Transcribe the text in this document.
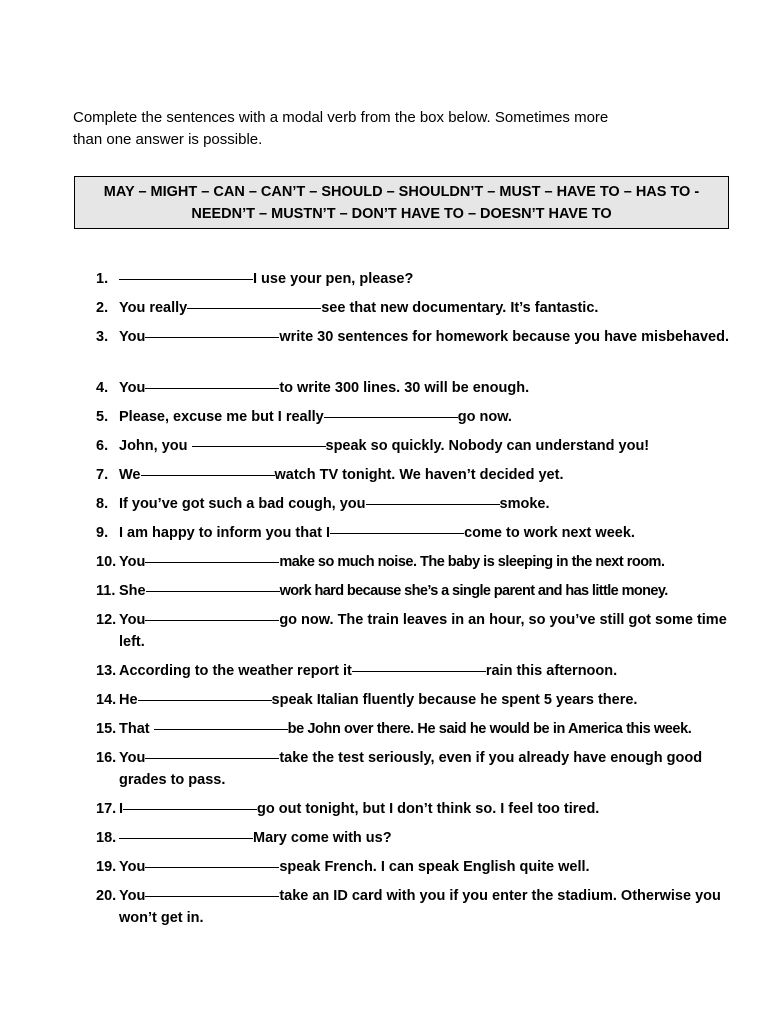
Complete the sentences with a modal verb from the box below. Sometimes more
than one answer is possible.
MAY – MIGHT – CAN – CAN’T – SHOULD – SHOULDN’T – MUST – HAVE TO – HAS TO -
NEEDN’T – MUSTN’T – DON’T HAVE TO – DOESN’T HAVE TO
1.	I use your pen, please?
2. You really	see that new documentary. It’s fantastic.
3. You	write 30 sentences for homework because you have misbehaved.
4. You	to write 300 lines. 30 will be enough.
5. Please, excuse me but I really	go now.
6. John, you	speak so quickly. Nobody can understand you!
7. We	watch TV tonight. We haven’t decided yet.
8. If you’ve got such a bad cough, you	smoke.
9. I am happy to inform you that I	come to work next week.
10. You	make so much noise. The baby is sleeping in the next room.
11. She	work hard because she’s a single parent and has little money.
12. You	go now. The train leaves in an hour, so you’ve still got some time left.
13. According to the weather report it	rain this afternoon.
14. He	speak Italian fluently because he spent 5 years there.
15. That	be John over there. He said he would be in America this week.
16. You	take the test seriously, even if you already have enough good grades to pass.
17. I	go out tonight, but I don’t think so. I feel too tired.
18.	Mary come with us?
19. You	speak French. I can speak English quite well.
20. You	take an ID card with you if you enter the stadium. Otherwise you won’t get in.
